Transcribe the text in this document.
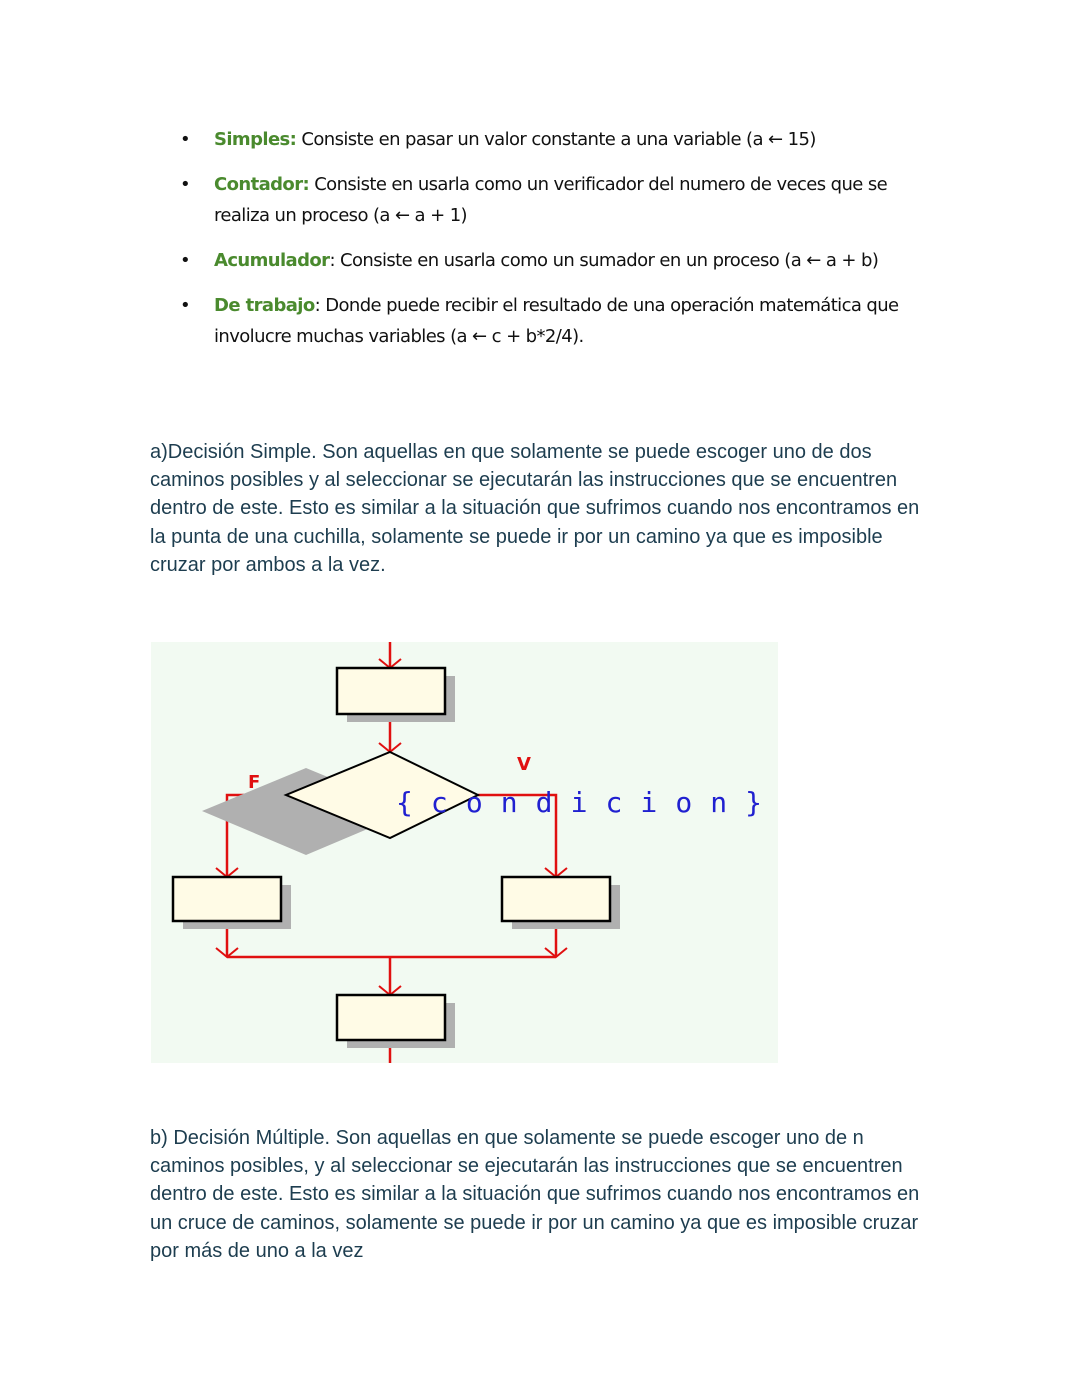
• Simples: Consiste en pasar un valor constante a una variable (a ← 15)
• Contador: Consiste en usarla como un verificador del numero de veces que se realiza un proceso (a ← a + 1)
• Acumulador: Consiste en usarla como un sumador en un proceso (a ← a + b)
• De trabajo: Donde puede recibir el resultado de una operación matemática que involucre muchas variables (a ← c + b*2/4).

a)Decisión Simple. Son aquellas en que solamente se puede escoger uno de dos caminos posibles y al seleccionar se ejecutarán las instrucciones que se encuentren dentro de este. Esto es similar a la situación que sufrimos cuando nos encontramos en la punta de una cuchilla, solamente se puede ir por un camino ya que es imposible cruzar por ambos a la vez.

F
V
{condicion}

b) Decisión Múltiple. Son aquellas en que solamente se puede escoger uno de n caminos posibles, y al seleccionar se ejecutarán las instrucciones que se encuentren dentro de este. Esto es similar a la situación que sufrimos cuando nos encontramos en un cruce de caminos, solamente se puede ir por un camino ya que es imposible cruzar por más de uno a la vez
